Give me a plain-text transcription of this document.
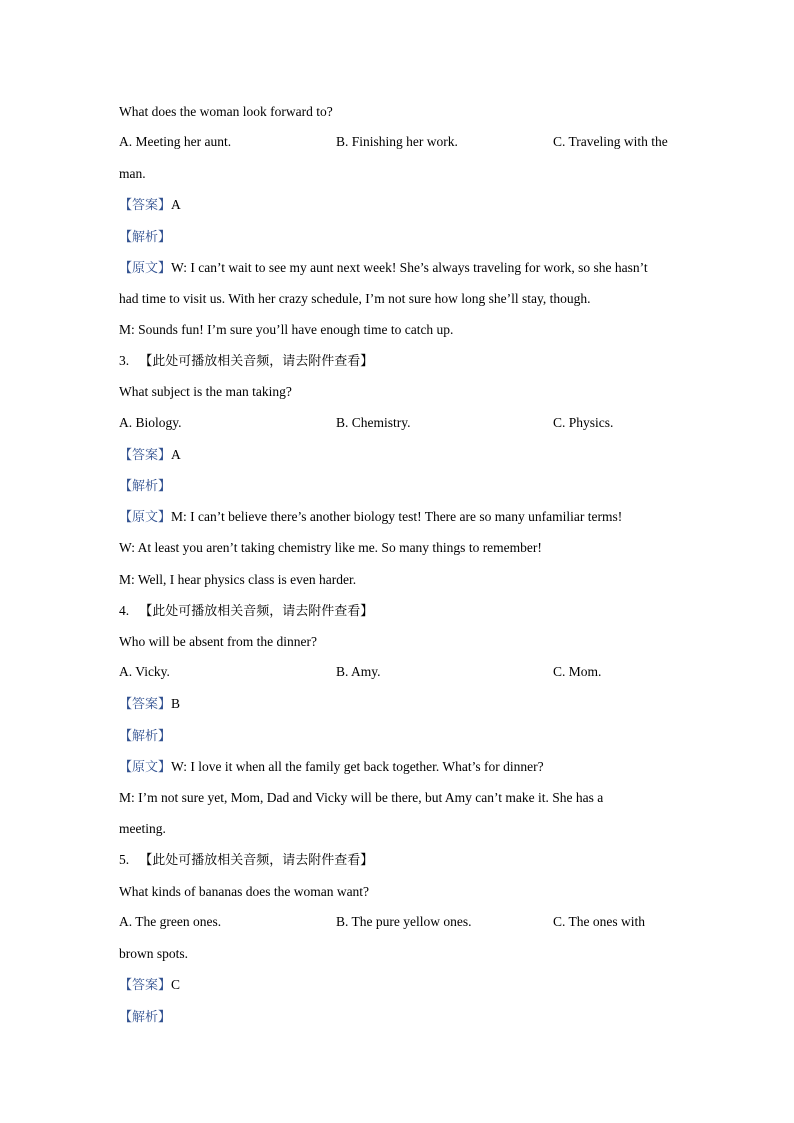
What does the woman look forward to?
A. Meeting her aunt.	B. Finishing her work.	C. Traveling with the
man.
【答案】A
【解析】
【原文】W: I can’t wait to see my aunt next week! She’s always traveling for work, so she hasn’t
had time to visit us. With her crazy schedule, I’m not sure how long she’ll stay, though.
M: Sounds fun! I’m sure you’ll have enough time to catch up.
3. 【此处可播放相关音频，请去附件查看】
What subject is the man taking?
A. Biology.	B. Chemistry.	C. Physics.
【答案】A
【解析】
【原文】M: I can’t believe there’s another biology test! There are so many unfamiliar terms!
W: At least you aren’t taking chemistry like me. So many things to remember!
M: Well, I hear physics class is even harder.
4. 【此处可播放相关音频，请去附件查看】
Who will be absent from the dinner?
A. Vicky.	B. Amy.	C. Mom.
【答案】B
【解析】
【原文】W: I love it when all the family get back together. What’s for dinner?
M: I’m not sure yet, Mom, Dad and Vicky will be there, but Amy can’t make it. She has a
meeting.
5. 【此处可播放相关音频，请去附件查看】
What kinds of bananas does the woman want?
A. The green ones.	B. The pure yellow ones.	C. The ones with
brown spots.
【答案】C
【解析】
